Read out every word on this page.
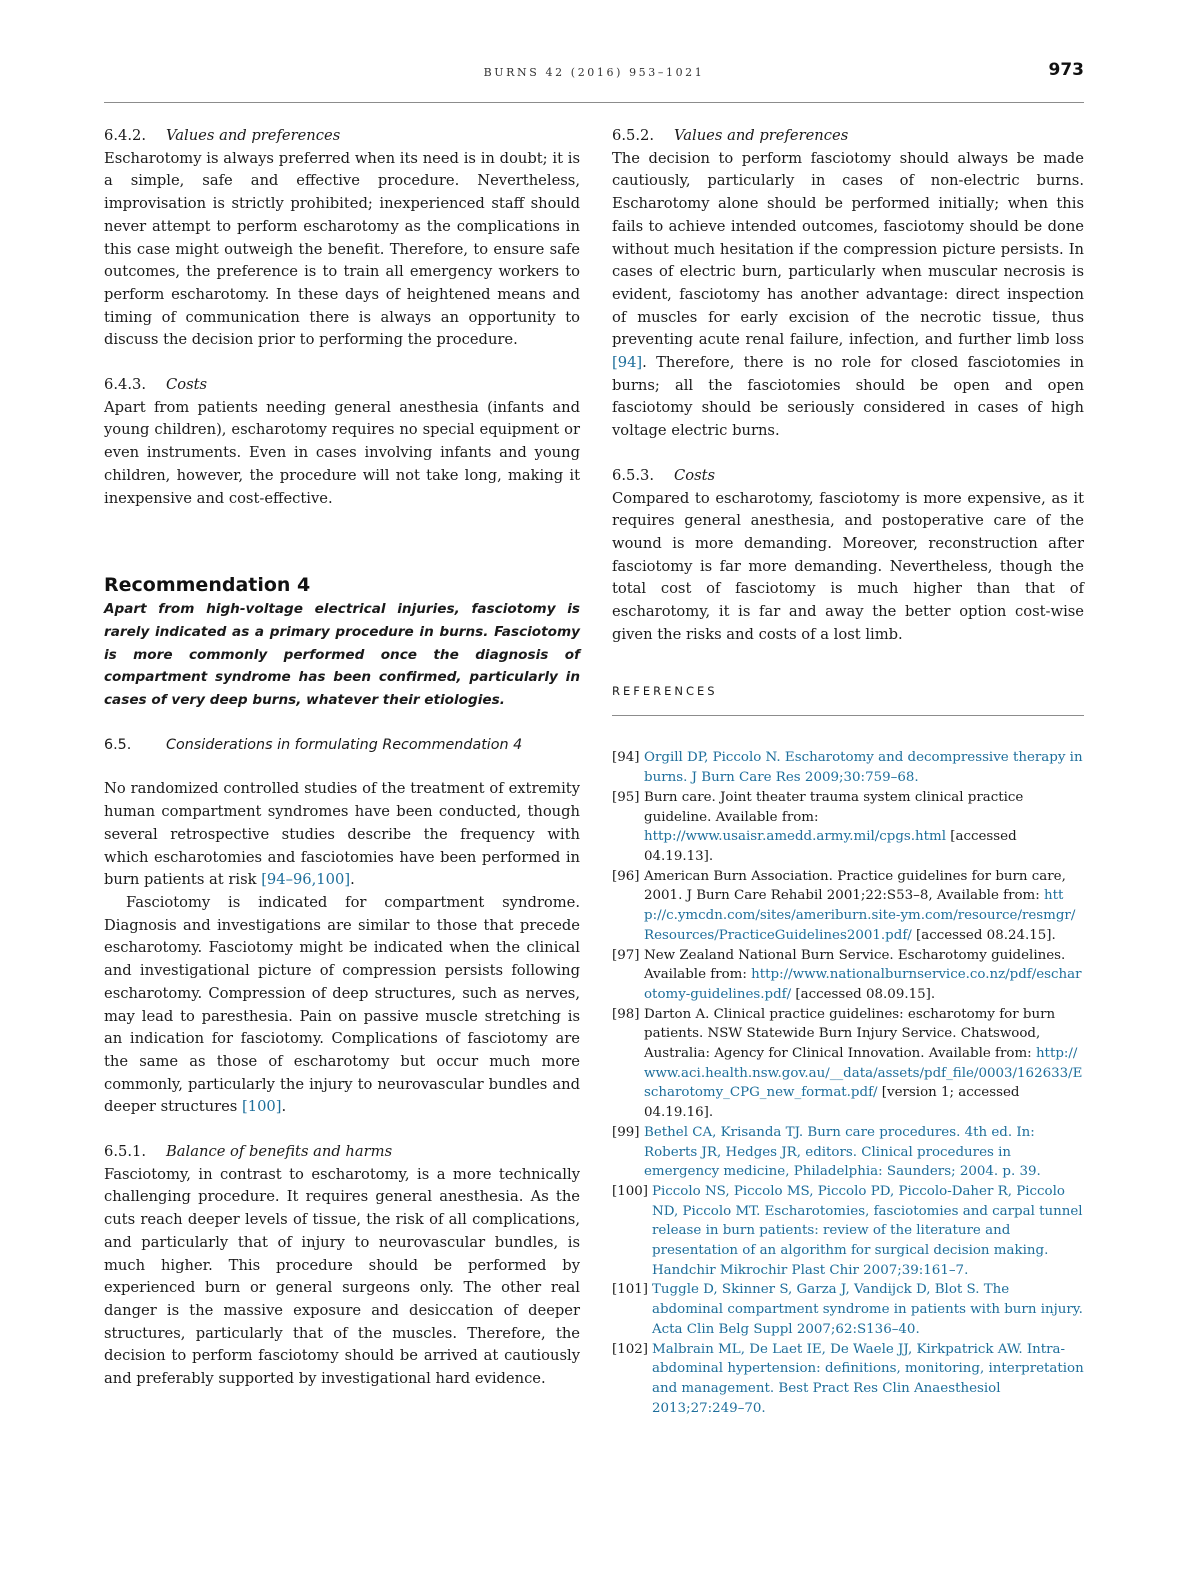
BURNS 42 (2016) 953–1021	973
6.4.2.	Values and preferences

Escharotomy is always preferred when its need is in doubt; it is a simple, safe and effective procedure. Nevertheless, improvisation is strictly prohibited; inexperienced staff should never attempt to perform escharotomy as the complications in this case might outweigh the benefit. Therefore, to ensure safe outcomes, the preference is to train all emergency workers to perform escharotomy. In these days of heightened means and timing of communication there is always an opportunity to discuss the decision prior to performing the procedure.

6.4.3.	Costs

Apart from patients needing general anesthesia (infants and young children), escharotomy requires no special equipment or even instruments. Even in cases involving infants and young children, however, the procedure will not take long, making it inexpensive and cost-effective.

Recommendation 4

Apart from high-voltage electrical injuries, fasciotomy is rarely indicated as a primary procedure in burns. Fasciotomy is more commonly performed once the diagnosis of compartment syndrome has been confirmed, particularly in cases of very deep burns, whatever their etiologies.

6.5.	Considerations in formulating Recommendation 4

No randomized controlled studies of the treatment of extremity human compartment syndromes have been conducted, though several retrospective studies describe the frequency with which escharotomies and fasciotomies have been performed in burn patients at risk [94–96,100].

Fasciotomy is indicated for compartment syndrome. Diagnosis and investigations are similar to those that precede escharotomy. Fasciotomy might be indicated when the clinical and investigational picture of compression persists following escharotomy. Compression of deep structures, such as nerves, may lead to paresthesia. Pain on passive muscle stretching is an indication for fasciotomy. Complications of fasciotomy are the same as those of escharotomy but occur much more commonly, particularly the injury to neurovascular bundles and deeper structures [100].

6.5.1.	Balance of benefits and harms

Fasciotomy, in contrast to escharotomy, is a more technically challenging procedure. It requires general anesthesia. As the cuts reach deeper levels of tissue, the risk of all complications, and particularly that of injury to neurovascular bundles, is much higher. This procedure should be performed by experienced burn or general surgeons only. The other real danger is the massive exposure and desiccation of deeper structures, particularly that of the muscles. Therefore, the decision to perform fasciotomy should be arrived at cautiously and preferably supported by investigational hard evidence.

6.5.2.	Values and preferences

The decision to perform fasciotomy should always be made cautiously, particularly in cases of non-electric burns. Escharotomy alone should be performed initially; when this fails to achieve intended outcomes, fasciotomy should be done without much hesitation if the compression picture persists. In cases of electric burn, particularly when muscular necrosis is evident, fasciotomy has another advantage: direct inspection of muscles for early excision of the necrotic tissue, thus preventing acute renal failure, infection, and further limb loss [94]. Therefore, there is no role for closed fasciotomies in burns; all the fasciotomies should be open and open fasciotomy should be seriously considered in cases of high voltage electric burns.

6.5.3.	Costs

Compared to escharotomy, fasciotomy is more expensive, as it requires general anesthesia, and postoperative care of the wound is more demanding. Moreover, reconstruction after fasciotomy is far more demanding. Nevertheless, though the total cost of fasciotomy is much higher than that of escharotomy, it is far and away the better option cost-wise given the risks and costs of a lost limb.

REFERENCES
[94] Orgill DP, Piccolo N. Escharotomy and decompressive therapy in burns. J Burn Care Res 2009;30:759–68.
[95] Burn care. Joint theater trauma system clinical practice guideline. Available from: http://www.usaisr.amedd.army.mil/cpgs.html [accessed 04.19.13].
[96] American Burn Association. Practice guidelines for burn care, 2001. J Burn Care Rehabil 2001;22:S53–8, Available from: http://c.ymcdn.com/sites/ameriburn.site-ym.com/resource/resmgr/Resources/PracticeGuidelines2001.pdf/ [accessed 08.24.15].
[97] New Zealand National Burn Service. Escharotomy guidelines. Available from: http://www.nationalburnservice.co.nz/pdf/escharotomy-guidelines.pdf/ [accessed 08.09.15].
[98] Darton A. Clinical practice guidelines: escharotomy for burn patients. NSW Statewide Burn Injury Service. Chatswood, Australia: Agency for Clinical Innovation. Available from: http://www.aci.health.nsw.gov.au/__data/assets/pdf_file/0003/162633/Escharotomy_CPG_new_format.pdf/ [version 1; accessed 04.19.16].
[99] Bethel CA, Krisanda TJ. Burn care procedures. 4th ed. In: Roberts JR, Hedges JR, editors. Clinical procedures in emergency medicine, Philadelphia: Saunders; 2004. p. 39.
[100] Piccolo NS, Piccolo MS, Piccolo PD, Piccolo-Daher R, Piccolo ND, Piccolo MT. Escharotomies, fasciotomies and carpal tunnel release in burn patients: review of the literature and presentation of an algorithm for surgical decision making. Handchir Mikrochir Plast Chir 2007;39:161–7.
[101] Tuggle D, Skinner S, Garza J, Vandijck D, Blot S. The abdominal compartment syndrome in patients with burn injury. Acta Clin Belg Suppl 2007;62:S136–40.
[102] Malbrain ML, De Laet IE, De Waele JJ, Kirkpatrick AW. Intra-abdominal hypertension: definitions, monitoring, interpretation and management. Best Pract Res Clin Anaesthesiol 2013;27:249–70.
